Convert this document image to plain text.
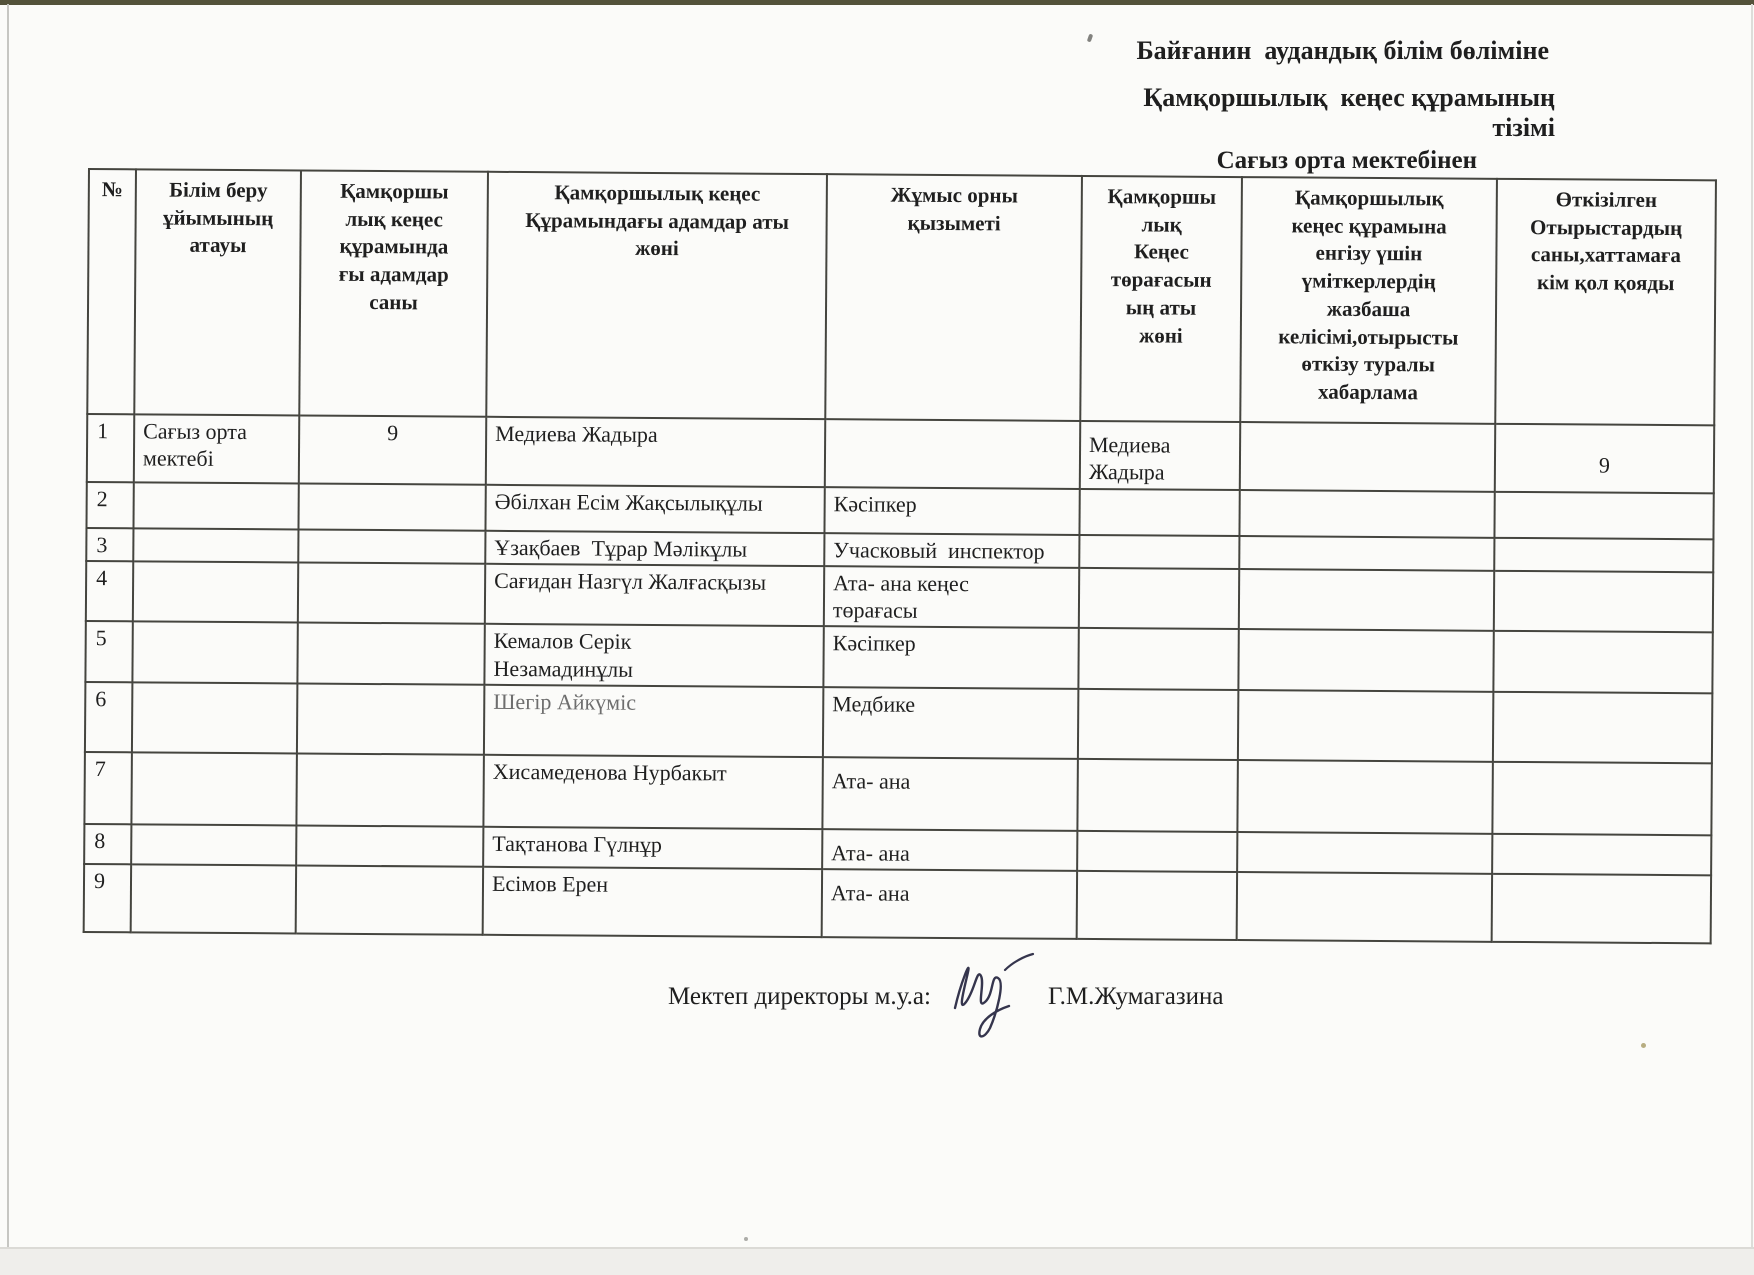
Байғанин  аудандық білім бөліміне
Қамқоршылық  кеңес құрамының тізімі
Сағыз орта мектебінен
№	Білім беру
ұйымының
атауы	Қамқоршы
лық кеңес
құрамында
ғы адамдар
саны	Қамқоршылық кеңес
Құрамындағы адамдар аты
жөні	Жұмыс орны
қызыметі	Қамқоршы
лық
Кеңес
төрағасын
ың аты
жөні	Қамқоршылық
кеңес құрамына
енгізу үшін
үміткерлердің
жазбаша
келісімі,отырысты
өткізу туралы
хабарлама	Өткізілген
Отырыстардың
саны,хаттамаға
кім қол қояды
1	Сағыз орта
мектебі	9	Медиева Жадыра		Медиева
Жадыра		9

2			Әбілхан Есім Жақсылықұлы	Кәсіпкер			
3			Ұзақбаев  Тұрар Мәлікұлы	Учасковый  инспектор			
4			Сағидан Назгүл Жалғасқызы	Ата- ана кеңес
төрағасы			
5			Кемалов Серік
Незамадинұлы	Кәсіпкер			
6			Шегір Айкүміс	Медбике			
7			Хисамеденова Нурбакыт	Ата- ана			
8			Тақтанова Гүлнұр	Ата- ана			
9			Есімов Ерен	Ата- ана			
Мектеп директоры м.у.а:	Г.М.Жумагазина
